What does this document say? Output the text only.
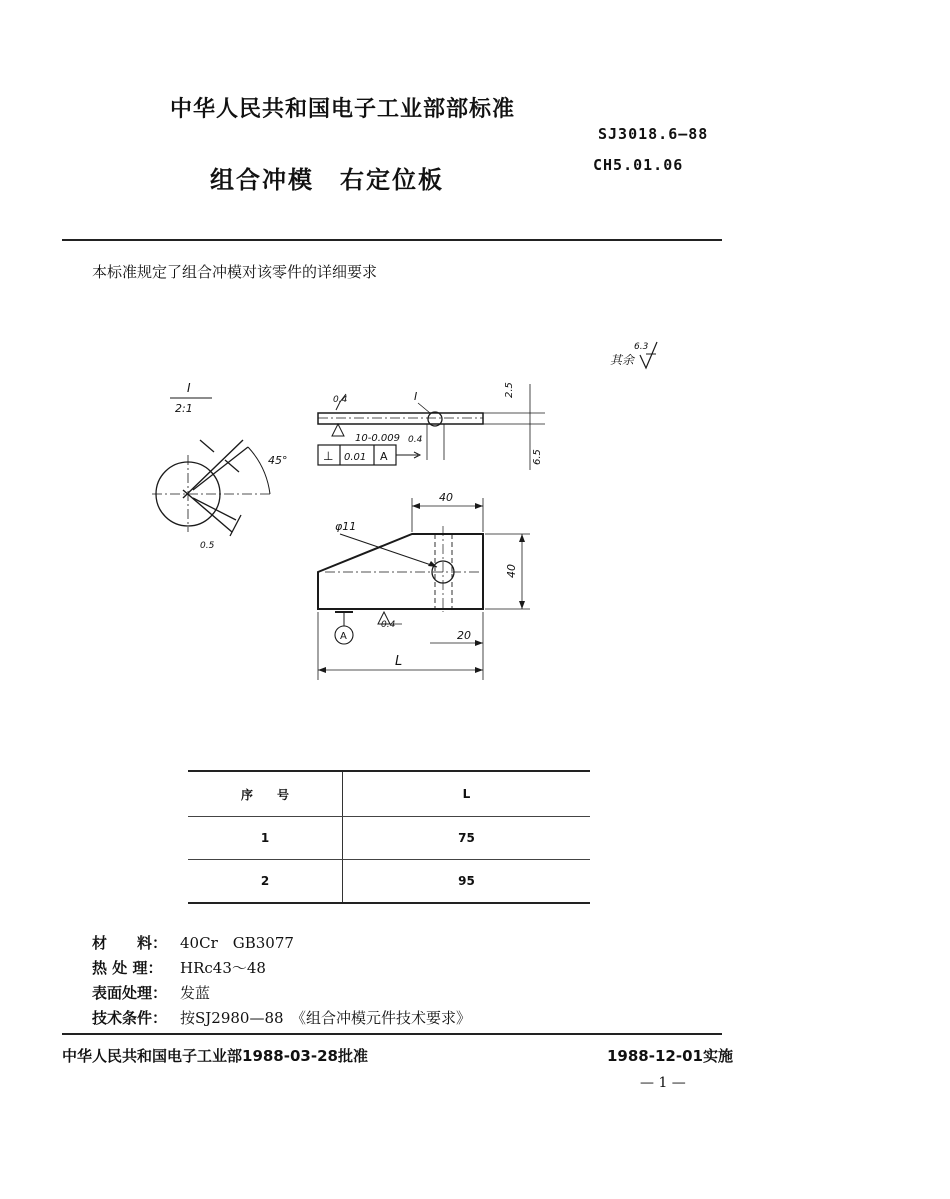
中华人民共和国电子工业部部标准
SJ3018.6—88
CH5.01.06
组合冲模　右定位板
本标准规定了组合冲模对该零件的详细要求
其余
6.3
I
2:1
45°
0.5
0.4
2.5
6.5
10-0.009
⊥ 0.01 A
0.4
I
40
40
φ11
20
L
0.4
A
序　　号	L
1	75
2	95
材　　料： 40Cr　GB3077
热 处 理： HRc43～48
表面处理： 发蓝
技术条件： 按SJ2980—88　《组合冲模元件技术要求》
中华人民共和国电子工业部1988-03-28批准	1988-12-01实施
— 1 —
